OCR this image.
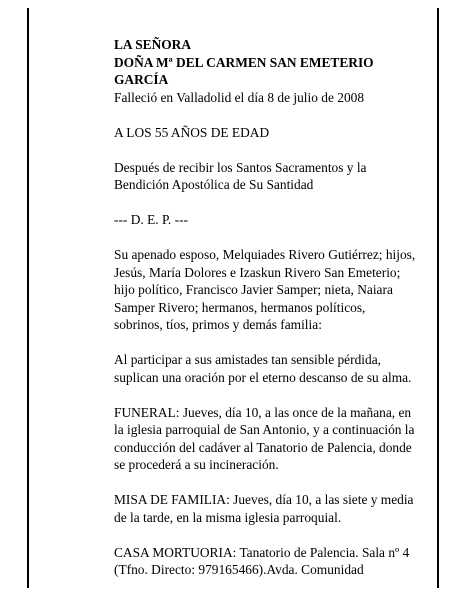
LA SEÑORA

DOÑA Mª DEL CARMEN SAN EMETERIO

GARCÍA

Falleció en Valladolid el día 8 de julio de 2008

A LOS 55 AÑOS DE EDAD

Después de recibir los Santos Sacramentos y la

Bendición Apostólica de Su Santidad

--- D. E. P. ---

Su apenado esposo, Melquiades Rivero Gutiérrez; hijos,

Jesús, María Dolores e Izaskun Rivero San Emeterio;

hijo político, Francisco Javier Samper; nieta, Naiara

Samper Rivero; hermanos, hermanos políticos,

sobrinos, tíos, primos y demás familia:

Al participar a sus amistades tan sensible pérdida,

suplican una oración por el eterno descanso de su alma.

FUNERAL: Jueves, día 10, a las once de la mañana, en

la iglesia parroquial de San Antonio, y a continuación la

conducción del cadáver al Tanatorio de Palencia, donde

se procederá a su incineración.

MISA DE FAMILIA: Jueves, día 10, a las siete y media

de la tarde, en la misma iglesia parroquial.

CASA MORTUORIA: Tanatorio de Palencia. Sala nº 4

(Tfno. Directo: 979165466).Avda. Comunidad
